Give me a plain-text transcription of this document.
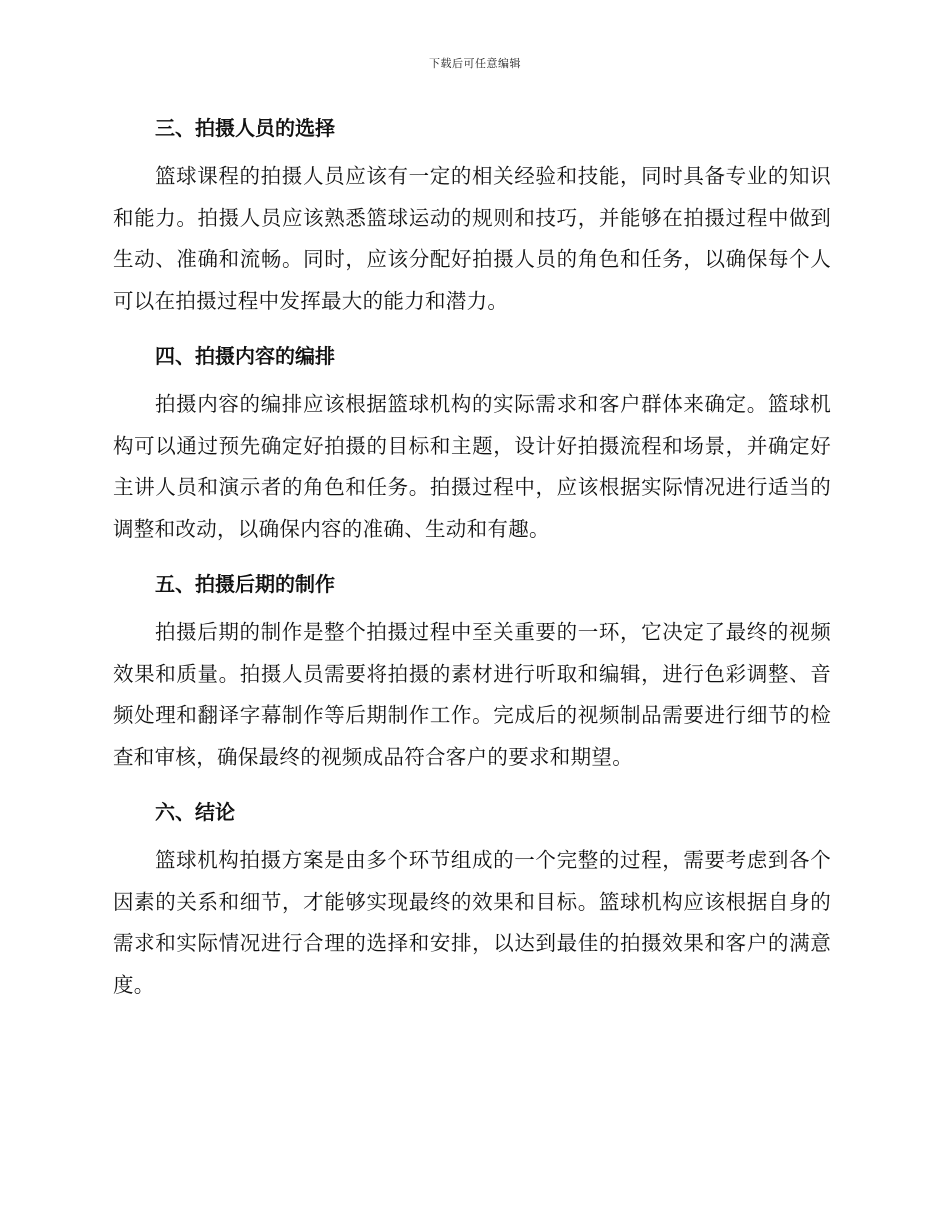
下载后可任意编辑
三、拍摄人员的选择

篮球课程的拍摄人员应该有一定的相关经验和技能，同时具备专业的知识和能力。拍摄人员应该熟悉篮球运动的规则和技巧，并能够在拍摄过程中做到生动、准确和流畅。同时，应该分配好拍摄人员的角色和任务，以确保每个人可以在拍摄过程中发挥最大的能力和潜力。

四、拍摄内容的编排

拍摄内容的编排应该根据篮球机构的实际需求和客户群体来确定。篮球机构可以通过预先确定好拍摄的目标和主题，设计好拍摄流程和场景，并确定好主讲人员和演示者的角色和任务。拍摄过程中，应该根据实际情况进行适当的调整和改动，以确保内容的准确、生动和有趣。

五、拍摄后期的制作

拍摄后期的制作是整个拍摄过程中至关重要的一环，它决定了最终的视频效果和质量。拍摄人员需要将拍摄的素材进行听取和编辑，进行色彩调整、音频处理和翻译字幕制作等后期制作工作。完成后的视频制品需要进行细节的检查和审核，确保最终的视频成品符合客户的要求和期望。

六、结论

篮球机构拍摄方案是由多个环节组成的一个完整的过程，需要考虑到各个因素的关系和细节，才能够实现最终的效果和目标。篮球机构应该根据自身的需求和实际情况进行合理的选择和安排，以达到最佳的拍摄效果和客户的满意度。
